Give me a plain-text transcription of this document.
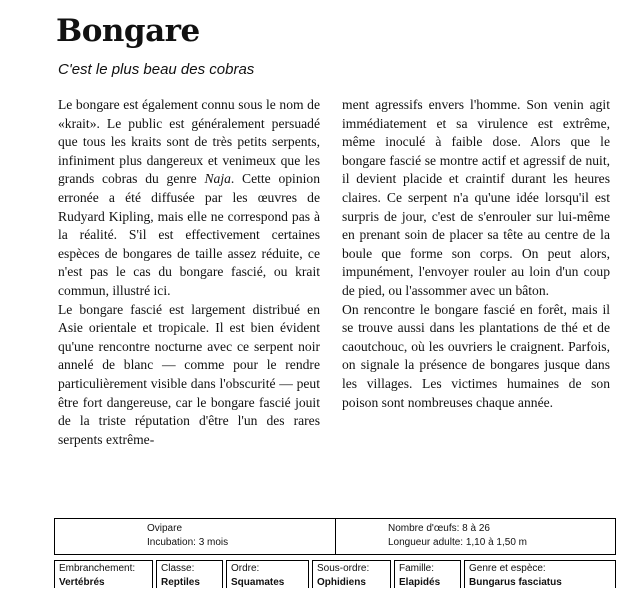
Bongare
C'est le plus beau des cobras

Le bongare est également connu sous le nom de «krait». Le public est généralement persuadé que tous les kraits sont de très petits serpents, infiniment plus dangereux et venimeux que les grands cobras du genre Naja. Cette opinion erronée a été diffusée par les œuvres de Rudyard Kipling, mais elle ne correspond pas à la réalité. S'il est effectivement certaines espèces de bongares de taille assez réduite, ce n'est pas le cas du bongare fascié, ou krait commun, illustré ici.

Le bongare fascié est largement distribué en Asie orientale et tropicale. Il est bien évident qu'une rencontre nocturne avec ce serpent noir annelé de blanc — comme pour le rendre particulièrement visible dans l'obscurité — peut être fort dangereuse, car le bongare fascié jouit de la triste réputation d'être l'un des rares serpents extrême-

ment agressifs envers l'homme. Son venin agit immédiatement et sa virulence est extrême, même inoculé à faible dose. Alors que le bongare fascié se montre actif et agressif de nuit, il devient placide et craintif durant les heures claires. Ce serpent n'a qu'une idée lorsqu'il est surpris de jour, c'est de s'enrouler sur lui-même en prenant soin de placer sa tête au centre de la boule que forme son corps. On peut alors, impunément, l'envoyer rouler au loin d'un coup de pied, ou l'assommer avec un bâton.

On rencontre le bongare fascié en forêt, mais il se trouve aussi dans les plantations de thé et de caoutchouc, où les ouvriers le craignent. Parfois, on signale la présence de bongares jusque dans les villages. Les victimes humaines de son poison sont nombreuses chaque année.

Ovipare
Incubation: 3 mois
Nombre d'œufs: 8 à 26
Longueur adulte: 1,10 à 1,50 m
Embranchement:
Vertébrés
Classe:
Reptiles
Ordre:
Squamates
Sous-ordre:
Ophidiens
Famille:
Elapidés
Genre et espèce:
Bungarus fasciatus
